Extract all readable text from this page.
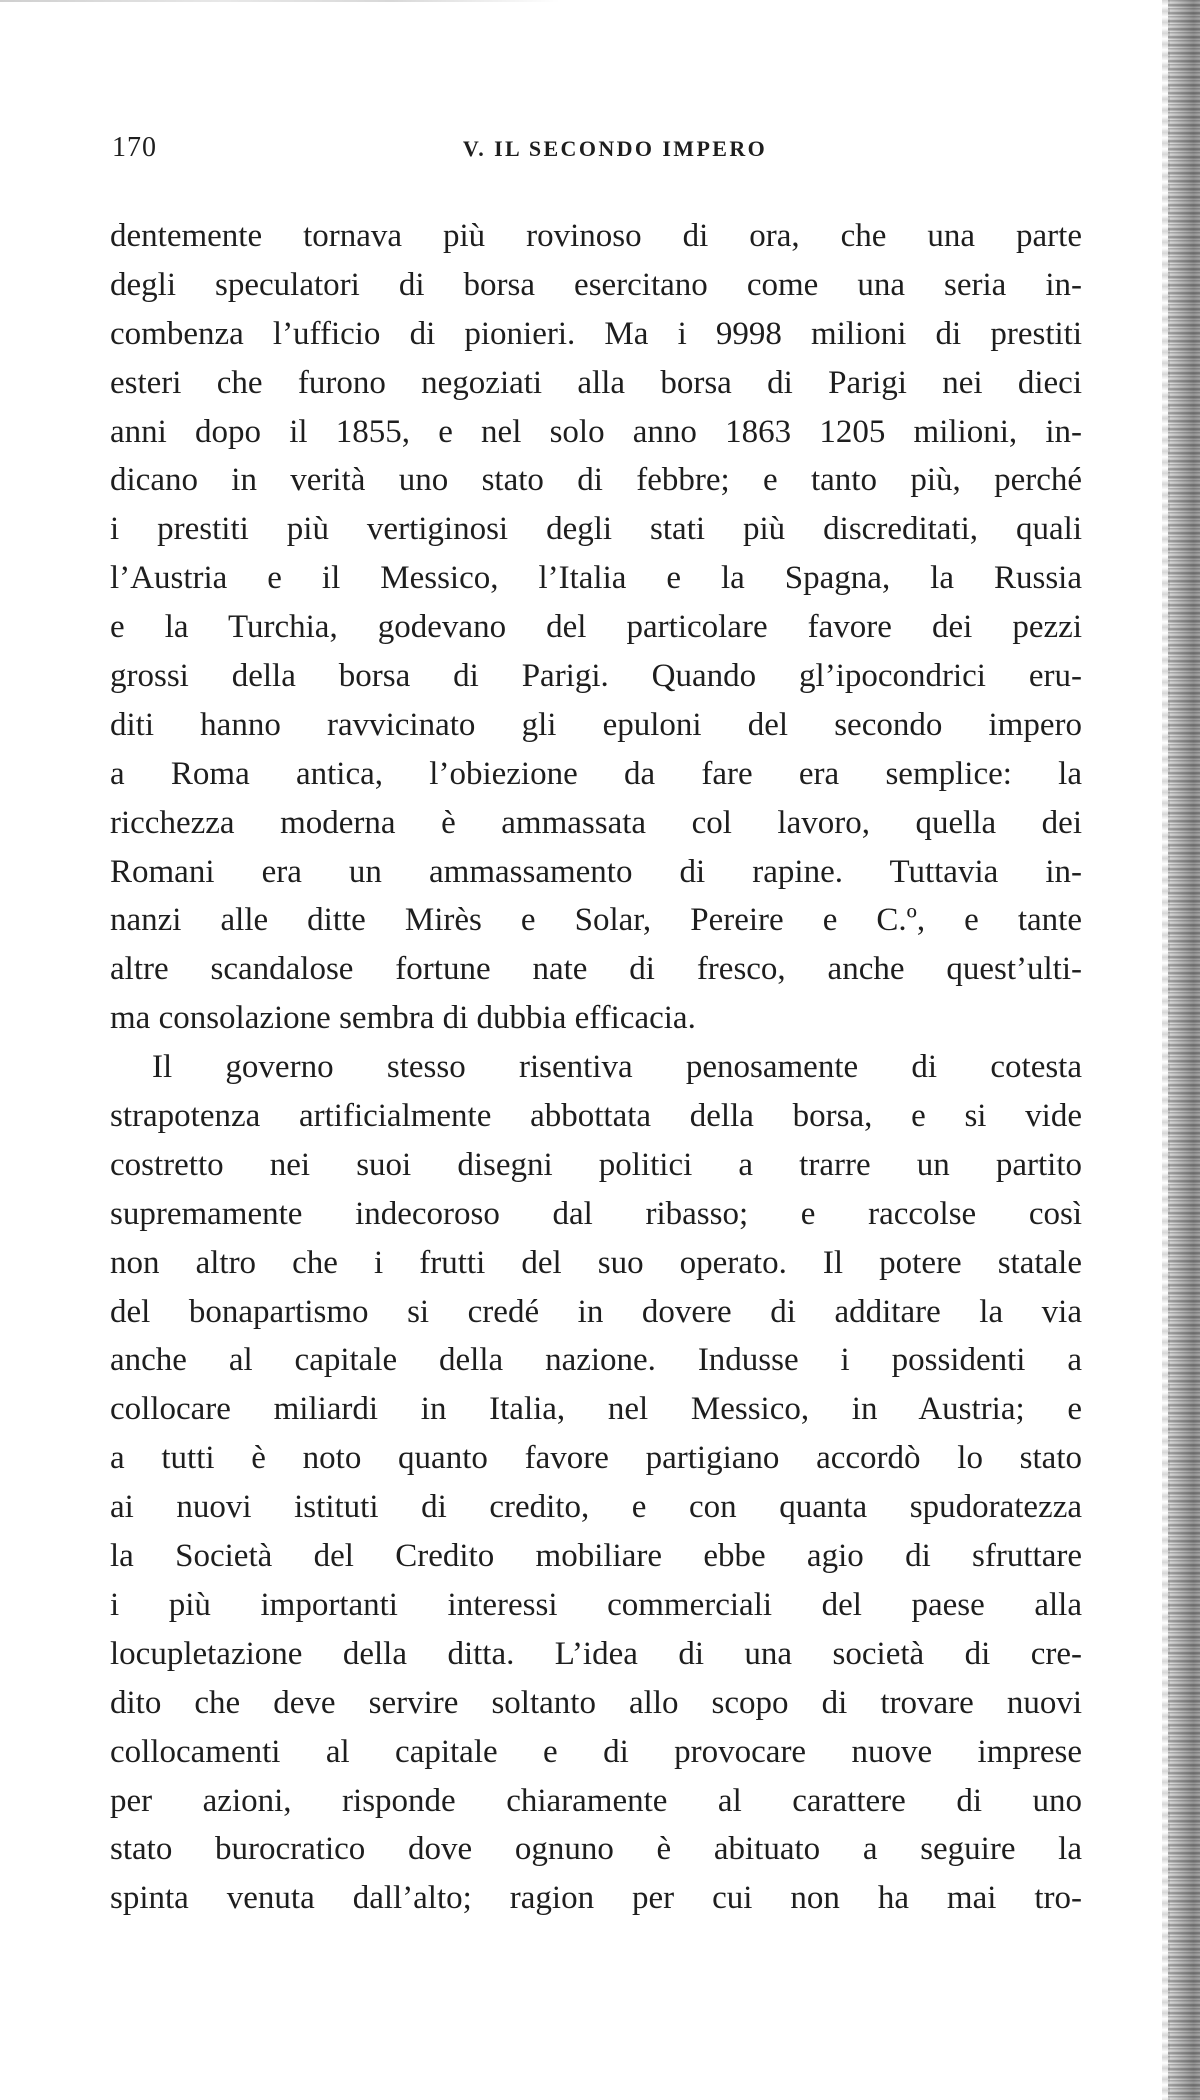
170	V. IL SECONDO IMPERO
dentemente tornava più rovinoso di ora, che una parte
degli speculatori di borsa esercitano come una seria in-
combenza l’ufficio di pionieri. Ma i 9998 milioni di prestiti
esteri che furono negoziati alla borsa di Parigi nei dieci
anni dopo il 1855, e nel solo anno 1863 1205 milioni, in-
dicano in verità uno stato di febbre; e tanto più, perché
i prestiti più vertiginosi degli stati più discreditati, quali
l’Austria e il Messico, l’Italia e la Spagna, la Russia
e la Turchia, godevano del particolare favore dei pezzi
grossi della borsa di Parigi. Quando gl’ipocondrici eru-
diti hanno ravvicinato gli epuloni del secondo impero
a Roma antica, l’obiezione da fare era semplice: la
ricchezza moderna è ammassata col lavoro, quella dei
Romani era un ammassamento di rapine. Tuttavia in-
nanzi alle ditte Mirès e Solar, Pereire e C.º, e tante
altre scandalose fortune nate di fresco, anche quest’ulti-
ma consolazione sembra di dubbia efficacia.
Il governo stesso risentiva penosamente di cotesta
strapotenza artificialmente abbottata della borsa, e si vide
costretto nei suoi disegni politici a trarre un partito
supremamente indecoroso dal ribasso; e raccolse così
non altro che i frutti del suo operato. Il potere statale
del bonapartismo si credé in dovere di additare la via
anche al capitale della nazione. Indusse i possidenti a
collocare miliardi in Italia, nel Messico, in Austria; e
a tutti è noto quanto favore partigiano accordò lo stato
ai nuovi istituti di credito, e con quanta spudoratezza
la Società del Credito mobiliare ebbe agio di sfruttare
i più importanti interessi commerciali del paese alla
locupletazione della ditta. L’idea di una società di cre-
dito che deve servire soltanto allo scopo di trovare nuovi
collocamenti al capitale e di provocare nuove imprese
per azioni, risponde chiaramente al carattere di uno
stato burocratico dove ognuno è abituato a seguire la
spinta venuta dall’alto; ragion per cui non ha mai tro-
